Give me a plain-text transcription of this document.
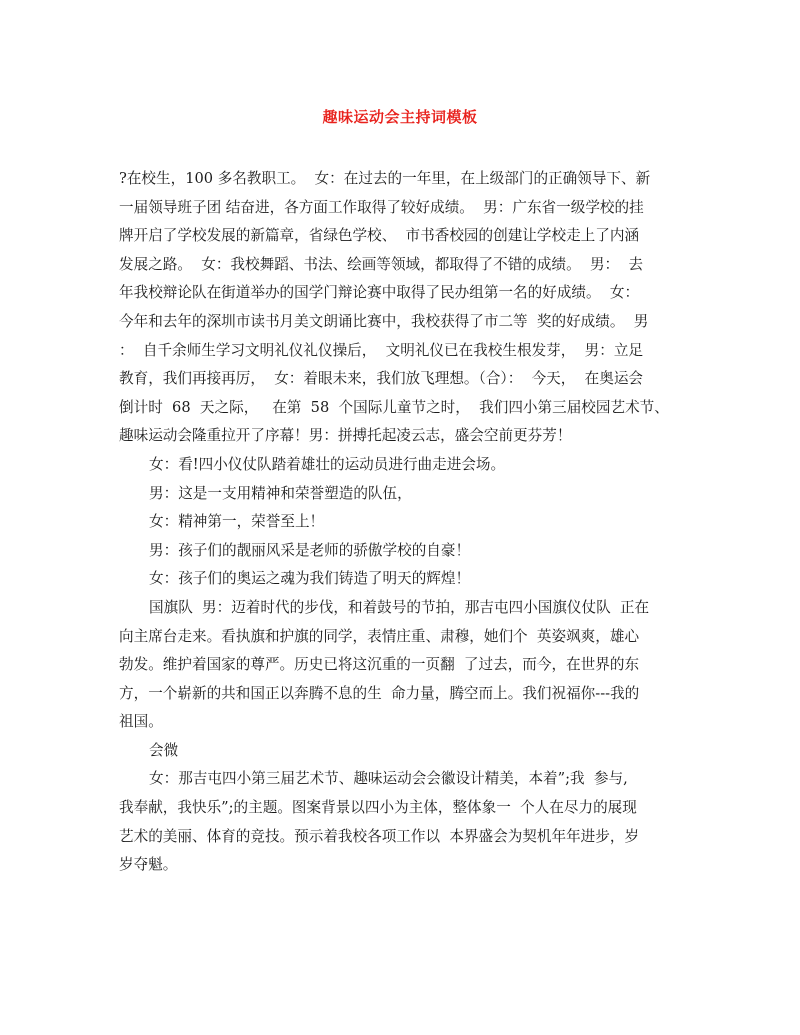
趣味运动会主持词模板
?在校生，100 多名教职工。  女：在过去的一年里，在上级部门的正确领导下、新
一届领导班子团 结奋进，各方面工作取得了较好成绩。  男：广东省一级学校的挂
牌开启了学校发展的新篇章，省绿色学校、  市书香校园的创建让学校走上了内涵
发展之路。  女：我校舞蹈、书法、绘画等领域，都取得了不错的成绩。  男：  去
年我校辩论队在街道举办的国学门辩论赛中取得了民办组第一名的好成绩。  女：
今年和去年的深圳市读书月美文朗诵比赛中，我校获得了市二等  奖的好成绩。  男
：  自千余师生学习文明礼仪礼仪操后，  文明礼仪已在我校生根发芽，  男：立足
教育，我们再接再厉，  女：着眼未来，我们放飞理想。（合）：  今天，  在奥运会
倒计时  68  天之际，   在第  58  个国际儿童节之时，  我们四小第三届校园艺术节、
趣味运动会隆重拉开了序幕！男：拼搏托起凌云志，盛会空前更芬芳！
女：看!四小仪仗队踏着雄壮的运动员进行曲走进会场。
男：这是一支用精神和荣誉塑造的队伍，
女：精神第一，荣誉至上！
男：孩子们的靓丽风采是老师的骄傲学校的自豪！
女：孩子们的奥运之魂为我们铸造了明天的辉煌！
国旗队  男：迈着时代的步伐，和着鼓号的节拍，那吉屯四小国旗仪仗队  正在
向主席台走来。看执旗和护旗的同学，表情庄重、肃穆，她们个  英姿飒爽，雄心
勃发。维护着国家的尊严。历史已将这沉重的一页翻  了过去，而今，在世界的东
方，一个崭新的共和国正以奔腾不息的生  命力量，腾空而上。我们祝福你---我的
祖国。
会微
女：那吉屯四小第三届艺术节、趣味运动会会徽设计精美，本着”;我  参与,
我奉献，我快乐”;的主题。图案背景以四小为主体，整体象一  个人在尽力的展现
艺术的美丽、体育的竞技。预示着我校各项工作以  本界盛会为契机年年进步，岁
岁夺魁。
